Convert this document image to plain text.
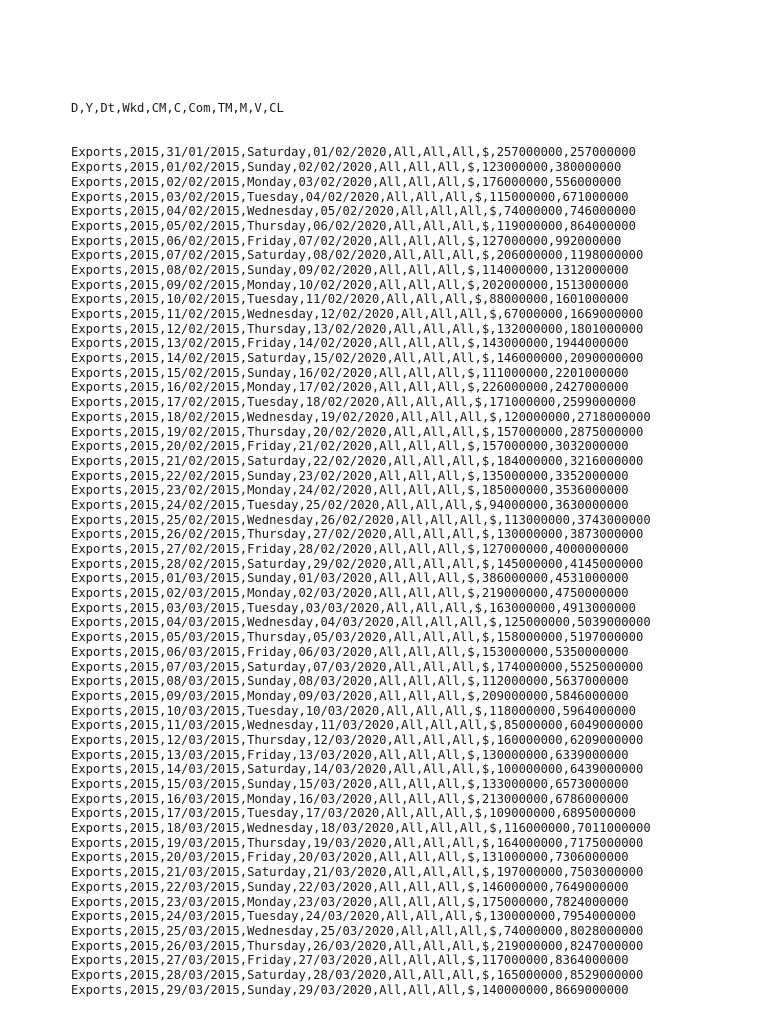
D,Y,Dt,Wkd,CM,C,Com,TM,M,V,CL

Exports,2015,31/01/2015,Saturday,01/02/2020,All,All,All,$,257000000,257000000
Exports,2015,01/02/2015,Sunday,02/02/2020,All,All,All,$,123000000,380000000
Exports,2015,02/02/2015,Monday,03/02/2020,All,All,All,$,176000000,556000000
Exports,2015,03/02/2015,Tuesday,04/02/2020,All,All,All,$,115000000,671000000
Exports,2015,04/02/2015,Wednesday,05/02/2020,All,All,All,$,74000000,746000000
Exports,2015,05/02/2015,Thursday,06/02/2020,All,All,All,$,119000000,864000000
Exports,2015,06/02/2015,Friday,07/02/2020,All,All,All,$,127000000,992000000
Exports,2015,07/02/2015,Saturday,08/02/2020,All,All,All,$,206000000,1198000000
Exports,2015,08/02/2015,Sunday,09/02/2020,All,All,All,$,114000000,1312000000
Exports,2015,09/02/2015,Monday,10/02/2020,All,All,All,$,202000000,1513000000
Exports,2015,10/02/2015,Tuesday,11/02/2020,All,All,All,$,88000000,1601000000
Exports,2015,11/02/2015,Wednesday,12/02/2020,All,All,All,$,67000000,1669000000
Exports,2015,12/02/2015,Thursday,13/02/2020,All,All,All,$,132000000,1801000000
Exports,2015,13/02/2015,Friday,14/02/2020,All,All,All,$,143000000,1944000000
Exports,2015,14/02/2015,Saturday,15/02/2020,All,All,All,$,146000000,2090000000
Exports,2015,15/02/2015,Sunday,16/02/2020,All,All,All,$,111000000,2201000000
Exports,2015,16/02/2015,Monday,17/02/2020,All,All,All,$,226000000,2427000000
Exports,2015,17/02/2015,Tuesday,18/02/2020,All,All,All,$,171000000,2599000000
Exports,2015,18/02/2015,Wednesday,19/02/2020,All,All,All,$,120000000,2718000000
Exports,2015,19/02/2015,Thursday,20/02/2020,All,All,All,$,157000000,2875000000
Exports,2015,20/02/2015,Friday,21/02/2020,All,All,All,$,157000000,3032000000
Exports,2015,21/02/2015,Saturday,22/02/2020,All,All,All,$,184000000,3216000000
Exports,2015,22/02/2015,Sunday,23/02/2020,All,All,All,$,135000000,3352000000
Exports,2015,23/02/2015,Monday,24/02/2020,All,All,All,$,185000000,3536000000
Exports,2015,24/02/2015,Tuesday,25/02/2020,All,All,All,$,94000000,3630000000
Exports,2015,25/02/2015,Wednesday,26/02/2020,All,All,All,$,113000000,3743000000
Exports,2015,26/02/2015,Thursday,27/02/2020,All,All,All,$,130000000,3873000000
Exports,2015,27/02/2015,Friday,28/02/2020,All,All,All,$,127000000,4000000000
Exports,2015,28/02/2015,Saturday,29/02/2020,All,All,All,$,145000000,4145000000
Exports,2015,01/03/2015,Sunday,01/03/2020,All,All,All,$,386000000,4531000000
Exports,2015,02/03/2015,Monday,02/03/2020,All,All,All,$,219000000,4750000000
Exports,2015,03/03/2015,Tuesday,03/03/2020,All,All,All,$,163000000,4913000000
Exports,2015,04/03/2015,Wednesday,04/03/2020,All,All,All,$,125000000,5039000000
Exports,2015,05/03/2015,Thursday,05/03/2020,All,All,All,$,158000000,5197000000
Exports,2015,06/03/2015,Friday,06/03/2020,All,All,All,$,153000000,5350000000
Exports,2015,07/03/2015,Saturday,07/03/2020,All,All,All,$,174000000,5525000000
Exports,2015,08/03/2015,Sunday,08/03/2020,All,All,All,$,112000000,5637000000
Exports,2015,09/03/2015,Monday,09/03/2020,All,All,All,$,209000000,5846000000
Exports,2015,10/03/2015,Tuesday,10/03/2020,All,All,All,$,118000000,5964000000
Exports,2015,11/03/2015,Wednesday,11/03/2020,All,All,All,$,85000000,6049000000
Exports,2015,12/03/2015,Thursday,12/03/2020,All,All,All,$,160000000,6209000000
Exports,2015,13/03/2015,Friday,13/03/2020,All,All,All,$,130000000,6339000000
Exports,2015,14/03/2015,Saturday,14/03/2020,All,All,All,$,100000000,6439000000
Exports,2015,15/03/2015,Sunday,15/03/2020,All,All,All,$,133000000,6573000000
Exports,2015,16/03/2015,Monday,16/03/2020,All,All,All,$,213000000,6786000000
Exports,2015,17/03/2015,Tuesday,17/03/2020,All,All,All,$,109000000,6895000000
Exports,2015,18/03/2015,Wednesday,18/03/2020,All,All,All,$,116000000,7011000000
Exports,2015,19/03/2015,Thursday,19/03/2020,All,All,All,$,164000000,7175000000
Exports,2015,20/03/2015,Friday,20/03/2020,All,All,All,$,131000000,7306000000
Exports,2015,21/03/2015,Saturday,21/03/2020,All,All,All,$,197000000,7503000000
Exports,2015,22/03/2015,Sunday,22/03/2020,All,All,All,$,146000000,7649000000
Exports,2015,23/03/2015,Monday,23/03/2020,All,All,All,$,175000000,7824000000
Exports,2015,24/03/2015,Tuesday,24/03/2020,All,All,All,$,130000000,7954000000
Exports,2015,25/03/2015,Wednesday,25/03/2020,All,All,All,$,74000000,8028000000
Exports,2015,26/03/2015,Thursday,26/03/2020,All,All,All,$,219000000,8247000000
Exports,2015,27/03/2015,Friday,27/03/2020,All,All,All,$,117000000,8364000000
Exports,2015,28/03/2015,Saturday,28/03/2020,All,All,All,$,165000000,8529000000
Exports,2015,29/03/2015,Sunday,29/03/2020,All,All,All,$,140000000,8669000000
